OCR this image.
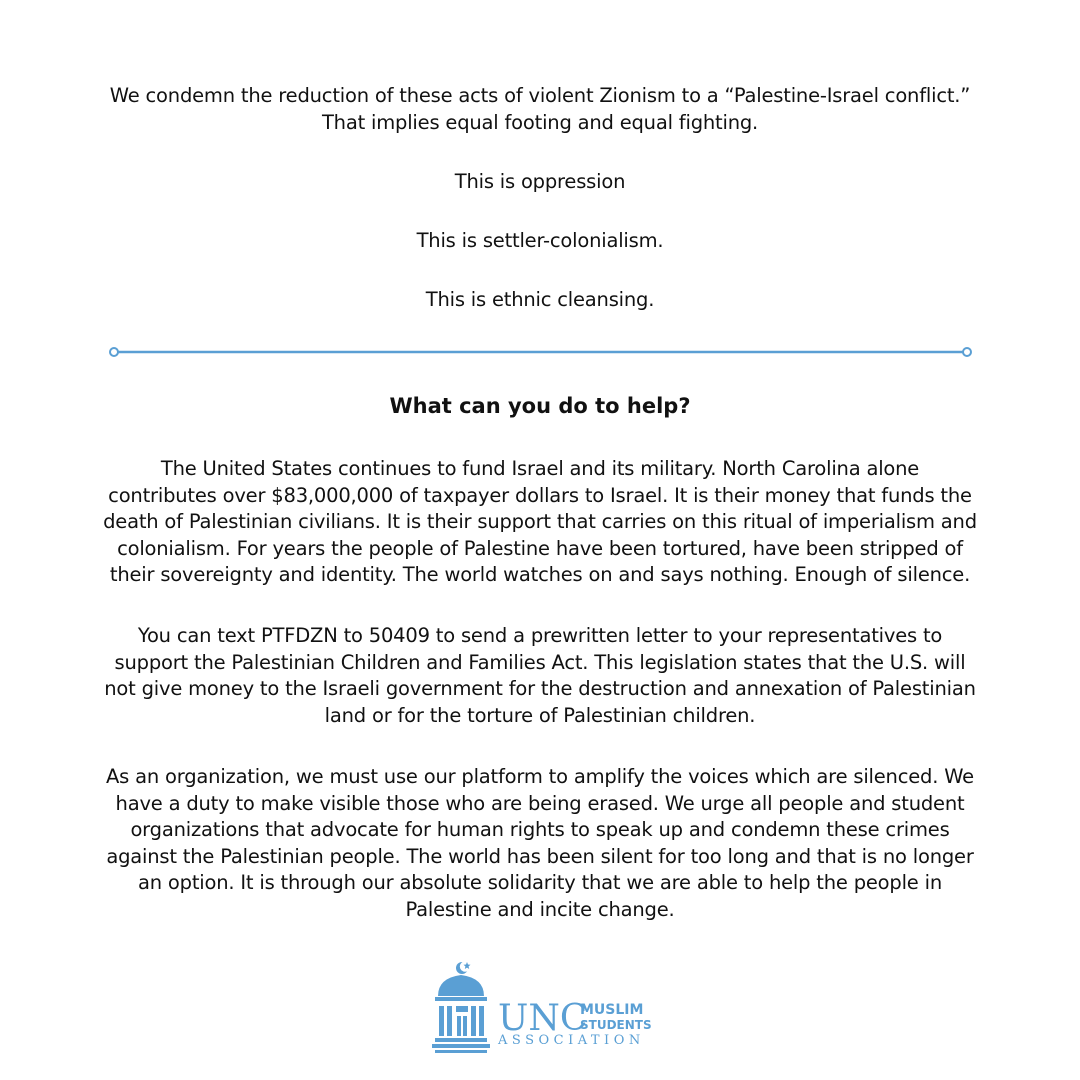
We condemn the reduction of these acts of violent Zionism to a “Palestine-Israel conflict.”
That implies equal footing and equal fighting.
This is oppression
This is settler-colonialism.
This is ethnic cleansing.
What can you do to help?
The United States continues to fund Israel and its military. North Carolina alone
contributes over $83,000,000 of taxpayer dollars to Israel. It is their money that funds the
death of Palestinian civilians. It is their support that carries on this ritual of imperialism and
colonialism. For years the people of Palestine have been tortured, have been stripped of
their sovereignty and identity. The world watches on and says nothing. Enough of silence.
You can text PTFDZN to 50409 to send a prewritten letter to your representatives to
support the Palestinian Children and Families Act. This legislation states that the U.S. will
not give money to the Israeli government for the destruction and annexation of Palestinian
land or for the torture of Palestinian children.
As an organization, we must use our platform to amplify the voices which are silenced. We
have a duty to make visible those who are being erased. We urge all people and student
organizations that advocate for human rights to speak up and condemn these crimes
against the Palestinian people. The world has been silent for too long and that is no longer
an option. It is through our absolute solidarity that we are able to help the people in
Palestine and incite change.
UNC
MUSLIM
STUDENTS
ASSOCIATION
